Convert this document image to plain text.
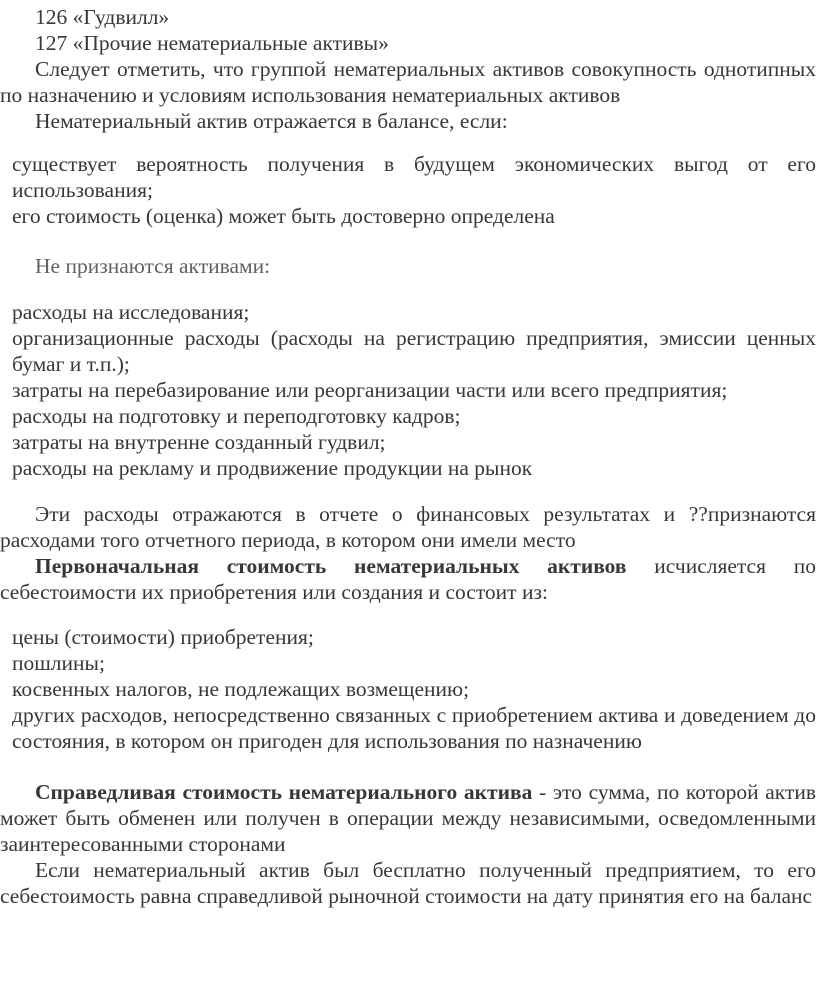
126 «Гудвилл»

127 «Прочие нематериальные активы»

Следует отметить, что группой нематериальных активов совокупность однотипных по назначению и условиям использования нематериальных активов

Нематериальный актив отражается в балансе, если:

существует вероятность получения в будущем экономических выгод от его использования;

его стоимость (оценка) может быть достоверно определена

Не признаются активами:

расходы на исследования;

организационные расходы (расходы на регистрацию предприятия, эмиссии ценных бумаг и т.п.);

затраты на перебазирование или реорганизации части или всего предприятия;

расходы на подготовку и переподготовку кадров;

затраты на внутренне созданный гудвил;

расходы на рекламу и продвижение продукции на рынок

Эти расходы отражаются в отчете о финансовых результатах и ??признаются расходами того отчетного периода, в котором они имели место

Первоначальная стоимость нематериальных активов исчисляется по себестоимости их приобретения или создания и состоит из:

цены (стоимости) приобретения;

пошлины;

косвенных налогов, не подлежащих возмещению;

других расходов, непосредственно связанных с приобретением актива и доведением до состояния, в котором он пригоден для использования по назначению

Справедливая стоимость нематериального актива - это сумма, по которой актив может быть обменен или получен в операции между независимыми, осведомленными заинтересованными сторонами

Если нематериальный актив был бесплатно полученный предприятием, то его себестоимость равна справедливой рыночной стоимости на дату принятия его на баланс
